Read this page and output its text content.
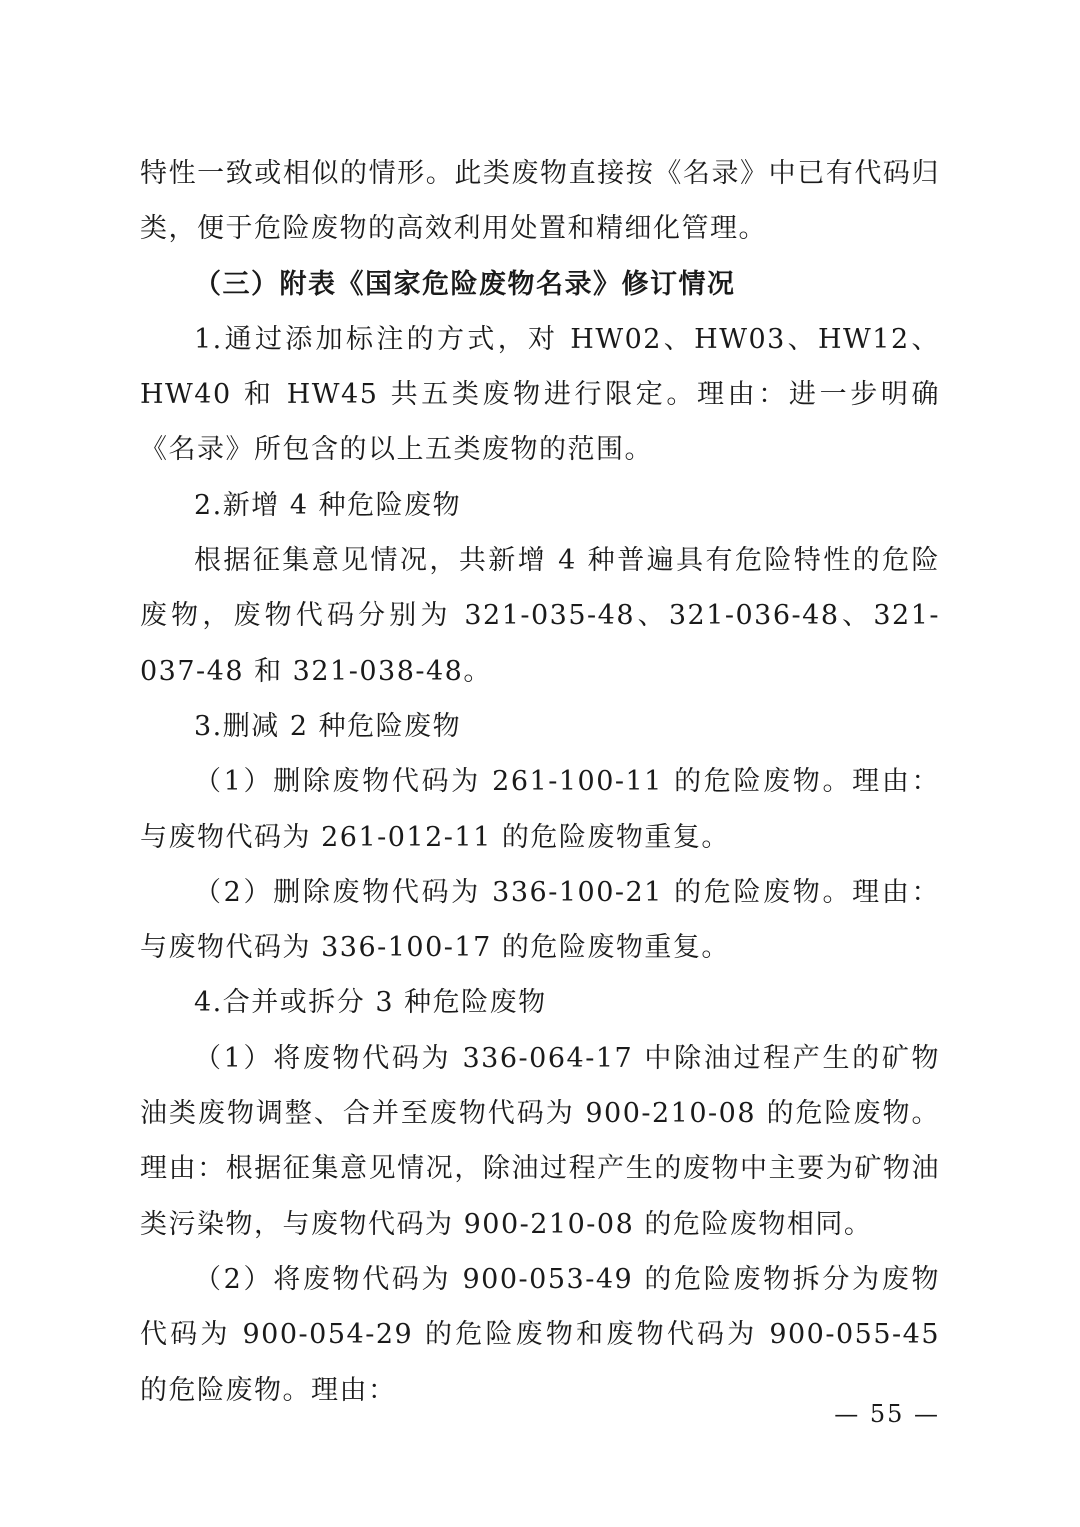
特性一致或相似的情形。此类废物直接按《名录》中已有代码归类，便于危险废物的高效利用处置和精细化管理。

（三）附表《国家危险废物名录》修订情况

1.通过添加标注的方式，对 HW02、HW03、HW12、HW40 和 HW45 共五类废物进行限定。理由：进一步明确《名录》所包含的以上五类废物的范围。

2.新增 4 种危险废物

根据征集意见情况，共新增 4 种普遍具有危险特性的危险废物，废物代码分别为 321-035-48、321-036-48、321-037-48 和 321-038-48。

3.删减 2 种危险废物

（1）删除废物代码为 261-100-11 的危险废物。理由：与废物代码为 261-012-11 的危险废物重复。

（2）删除废物代码为 336-100-21 的危险废物。理由：与废物代码为 336-100-17 的危险废物重复。

4.合并或拆分 3 种危险废物

（1）将废物代码为 336-064-17 中除油过程产生的矿物油类废物调整、合并至废物代码为 900-210-08 的危险废物。理由：根据征集意见情况，除油过程产生的废物中主要为矿物油类污染物，与废物代码为 900-210-08 的危险废物相同。

（2）将废物代码为 900-053-49 的危险废物拆分为废物代码为 900-054-29 的危险废物和废物代码为 900-055-45 的危险废物。理由：

— 55 —
